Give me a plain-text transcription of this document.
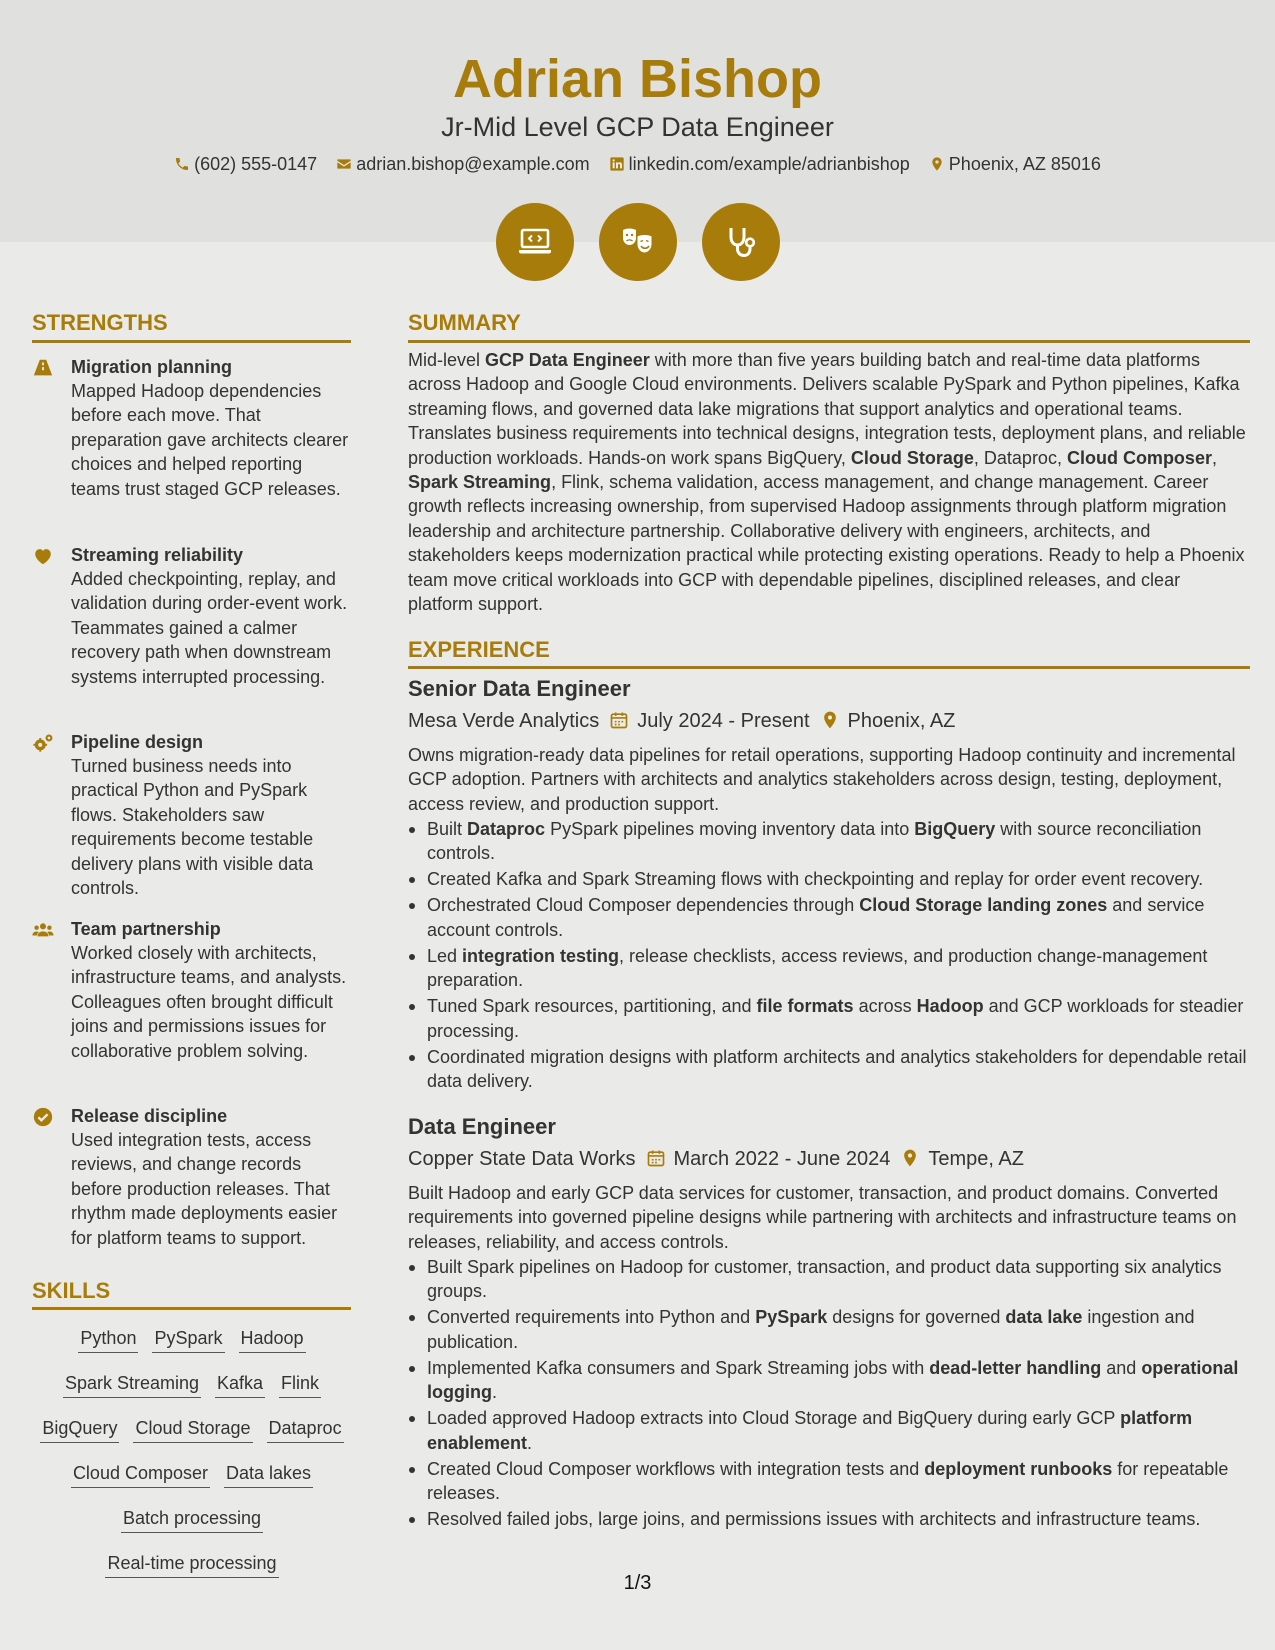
Adrian Bishop
Jr-Mid Level GCP Data Engineer
(602) 555-0147 adrian.bishop@example.com linkedin.com/example/adrianbishop Phoenix, AZ 85016
STRENGTHS
Migration planning
Mapped Hadoop dependencies before each move. That preparation gave architects clearer choices and helped reporting teams trust staged GCP releases.
Streaming reliability
Added checkpointing, replay, and validation during order-event work. Teammates gained a calmer recovery path when downstream systems interrupted processing.
Pipeline design
Turned business needs into practical Python and PySpark flows. Stakeholders saw requirements become testable delivery plans with visible data controls.
Team partnership
Worked closely with architects, infrastructure teams, and analysts. Colleagues often brought difficult joins and permissions issues for collaborative problem solving.
Release discipline
Used integration tests, access reviews, and change records before production releases. That rhythm made deployments easier for platform teams to support.
SKILLS
Python PySpark Hadoop
Spark Streaming Kafka Flink
BigQuery Cloud Storage Dataproc
Cloud Composer Data lakes
Batch processing
Real-time processing
SUMMARY

Mid-level GCP Data Engineer with more than five years building batch and real-time data platforms across Hadoop and Google Cloud environments. Delivers scalable PySpark and Python pipelines, Kafka streaming flows, and governed data lake migrations that support analytics and operational teams. Translates business requirements into technical designs, integration tests, deployment plans, and reliable production workloads. Hands-on work spans BigQuery, Cloud Storage, Dataproc, Cloud Composer, Spark Streaming, Flink, schema validation, access management, and change management. Career growth reflects increasing ownership, from supervised Hadoop assignments through platform migration leadership and architecture partnership. Collaborative delivery with engineers, architects, and stakeholders keeps modernization practical while protecting existing operations. Ready to help a Phoenix team move critical workloads into GCP with dependable pipelines, disciplined releases, and clear platform support.

EXPERIENCE
Senior Data Engineer
Mesa Verde Analytics July 2024 - Present Phoenix, AZ

Owns migration-ready data pipelines for retail operations, supporting Hadoop continuity and incremental GCP adoption. Partners with architects and analytics stakeholders across design, testing, deployment, access review, and production support.

Built Dataproc PySpark pipelines moving inventory data into BigQuery with source reconciliation controls.
Created Kafka and Spark Streaming flows with checkpointing and replay for order event recovery.
Orchestrated Cloud Composer dependencies through Cloud Storage landing zones and service account controls.
Led integration testing, release checklists, access reviews, and production change-management preparation.
Tuned Spark resources, partitioning, and file formats across Hadoop and GCP workloads for steadier processing.
Coordinated migration designs with platform architects and analytics stakeholders for dependable retail data delivery.
Data Engineer
Copper State Data Works March 2022 - June 2024 Tempe, AZ

Built Hadoop and early GCP data services for customer, transaction, and product domains. Converted requirements into governed pipeline designs while partnering with architects and infrastructure teams on releases, reliability, and access controls.

Built Spark pipelines on Hadoop for customer, transaction, and product data supporting six analytics groups.
Converted requirements into Python and PySpark designs for governed data lake ingestion and publication.
Implemented Kafka consumers and Spark Streaming jobs with dead-letter handling and operational logging.
Loaded approved Hadoop extracts into Cloud Storage and BigQuery during early GCP platform enablement.
Created Cloud Composer workflows with integration tests and deployment runbooks for repeatable releases.
Resolved failed jobs, large joins, and permissions issues with architects and infrastructure teams.
1/3
